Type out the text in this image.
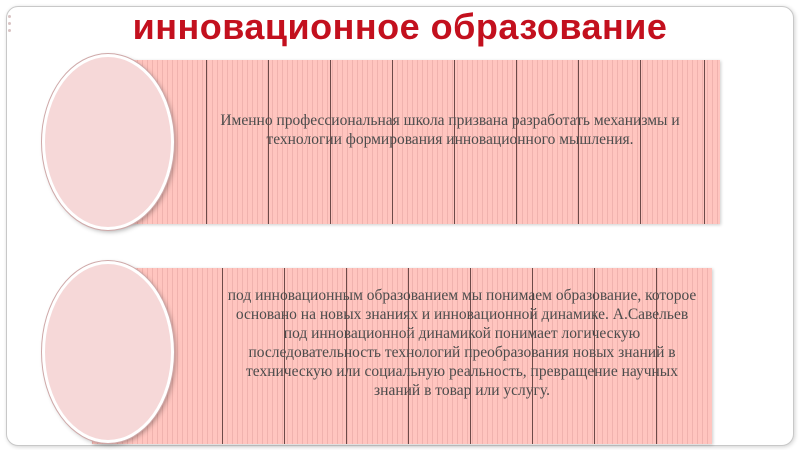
инновационное образование
Именно профессиональная школа призвана разработать механизмы и технологии формирования инновационного мышления.
под инновационным образованием мы понимаем образование, которое основано на новых знаниях и инновационной динамике. А.Савельев под инновационной динамикой понимает логическую последовательность технологий преобразования новых знаний в техническую или социальную реальность, превращение научных знаний в товар или услугу.
